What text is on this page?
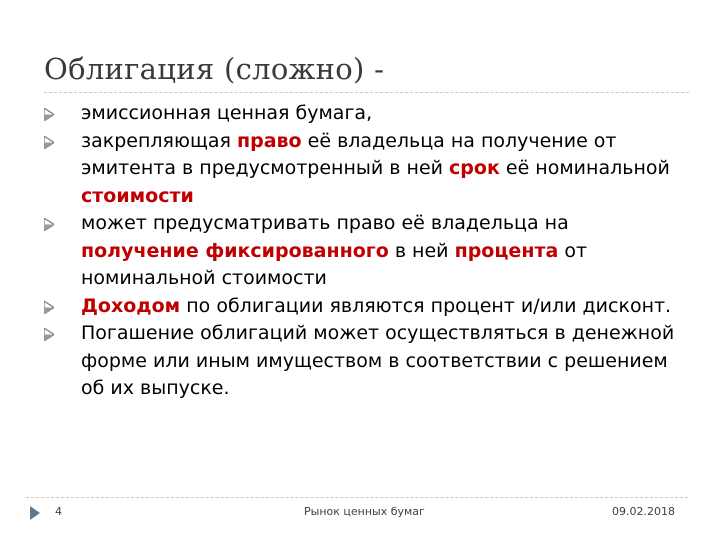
Облигация (сложно) -
эмиссионная ценная бумага,
закрепляющая право её владельца на получение от эмитента в предусмотренный в ней срок её номинальной стоимости
может предусматривать право её владельца на получение фиксированного в ней процента от номинальной стоимости
Доходом по облигации являются процент и/или дисконт.
Погашение облигаций может осуществляться в денежной форме или иным имуществом в соответствии с решением об их выпуске.
4	Рынок ценных бумаг	09.02.2018
